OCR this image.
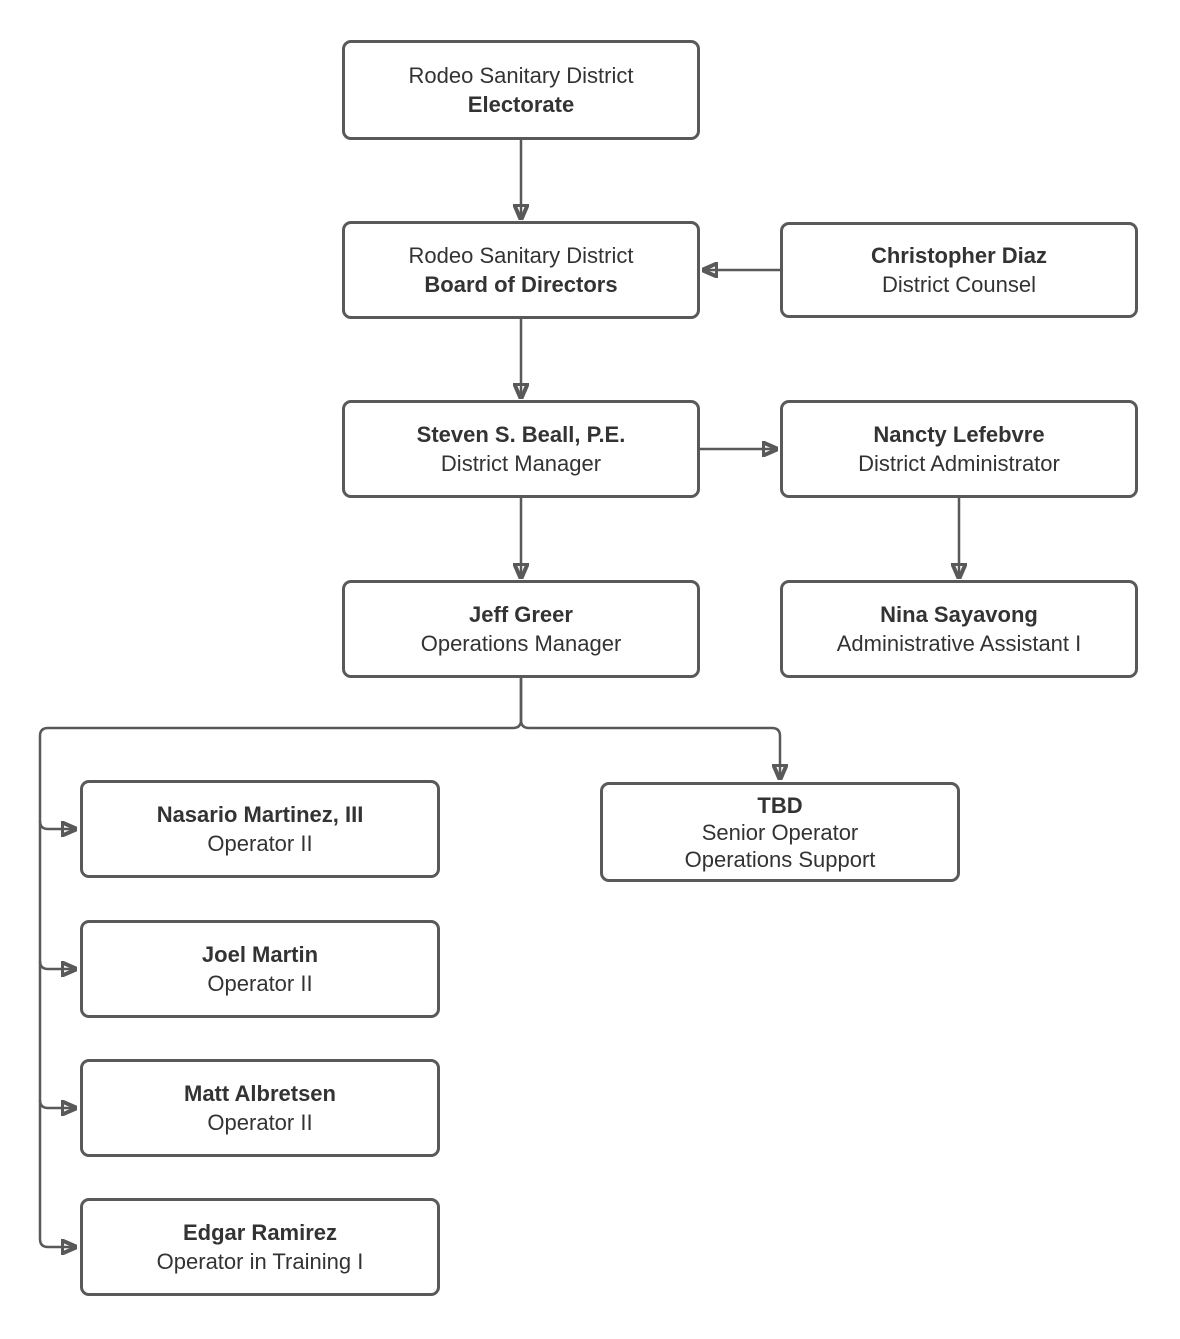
Rodeo Sanitary District
Electorate
Rodeo Sanitary District
Board of Directors
Christopher Diaz
District Counsel
Steven S. Beall, P.E.
District Manager
Nancty Lefebvre
District Administrator
Jeff Greer
Operations Manager
Nina Sayavong
Administrative Assistant I
TBD
Senior Operator
Operations Support
Nasario Martinez, III
Operator II
Joel Martin
Operator II
Matt Albretsen
Operator II
Edgar Ramirez
Operator in Training I
